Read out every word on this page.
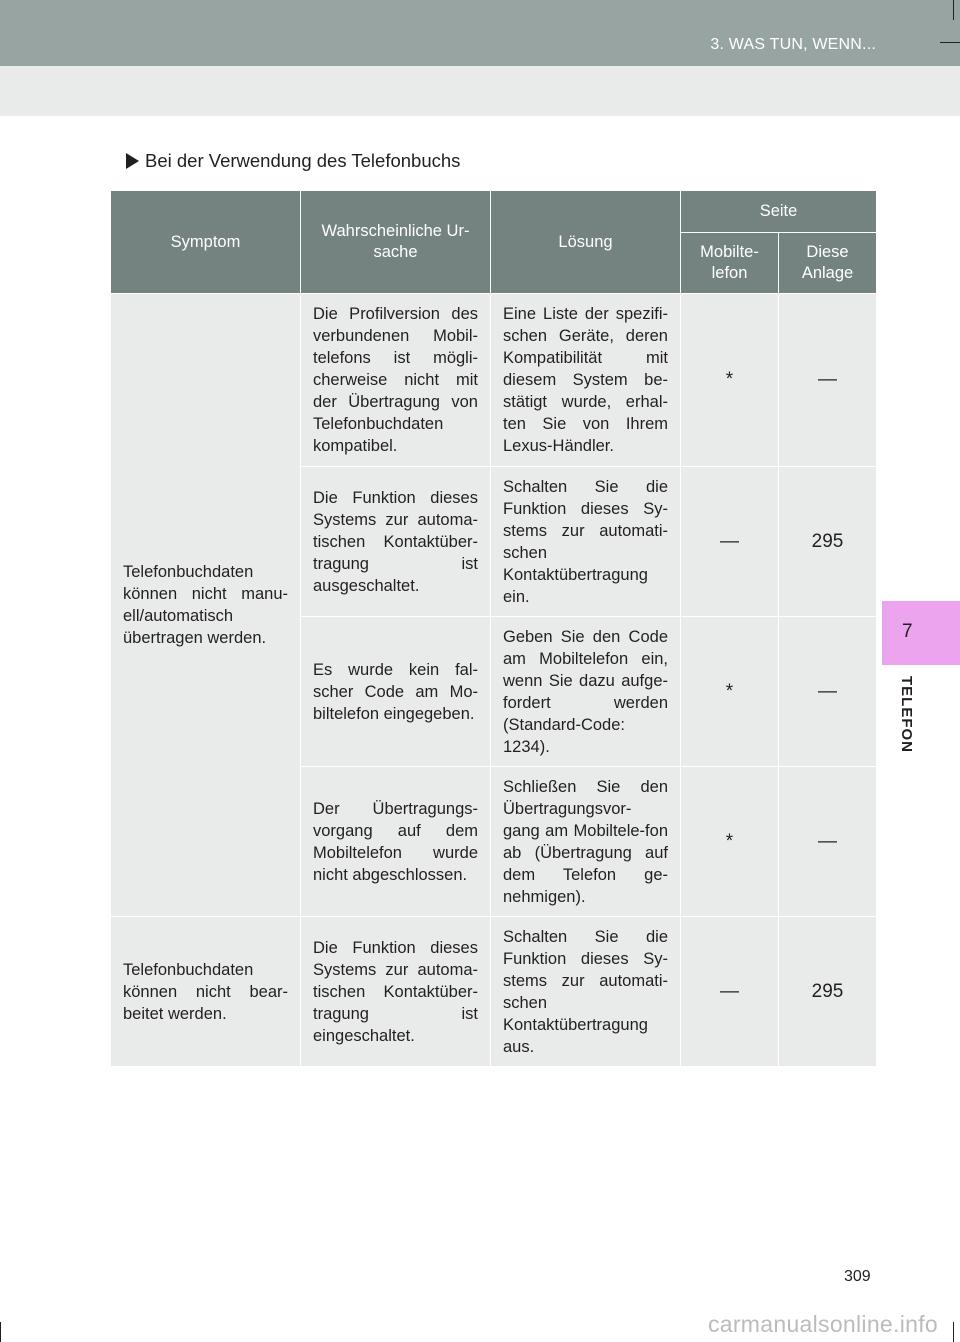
3. WAS TUN, WENN...
Bei der Verwendung des Telefonbuchs
Symptom	Wahrscheinliche Ur-sache	Lösung	Seite	
			Mobilte-lefon	Diese Anlage
Telefonbuchdaten können nicht manu-ell/automatisch übertragen werden.	Die Profilversion des verbundenen Mobil-telefons ist mögli-cherweise nicht mit der Übertragung von Telefonbuchdaten kompatibel.	Eine Liste der spezifi-schen Geräte, deren Kompatibilität mit diesem System be-stätigt wurde, erhal-ten Sie von Ihrem Lexus-Händler.	*	—
	Die Funktion dieses Systems zur automa-tischen Kontaktüber-tragung ist ausgeschaltet.	Schalten Sie die Funktion dieses Sy-stems zur automati-schen Kontaktübertragung ein.	—	295
	Es wurde kein fal-scher Code am Mo-biltelefon eingegeben.	Geben Sie den Code am Mobiltelefon ein, wenn Sie dazu aufge-fordert werden (Standard-Code: 1234).	*	—
	Der Übertragungs-vorgang auf dem Mobiltelefon wurde nicht abgeschlossen.	Schließen Sie den Übertragungsvor-gang am Mobiltele-fon ab (Übertragung auf dem Telefon ge-nehmigen).	*	—
Telefonbuchdaten können nicht bear-beitet werden.	Die Funktion dieses Systems zur automa-tischen Kontaktüber-tragung ist eingeschaltet.	Schalten Sie die Funktion dieses Sy-stems zur automati-schen Kontaktübertragung aus.	—	295
7
TELEFON
309
carmanualsonline.info
